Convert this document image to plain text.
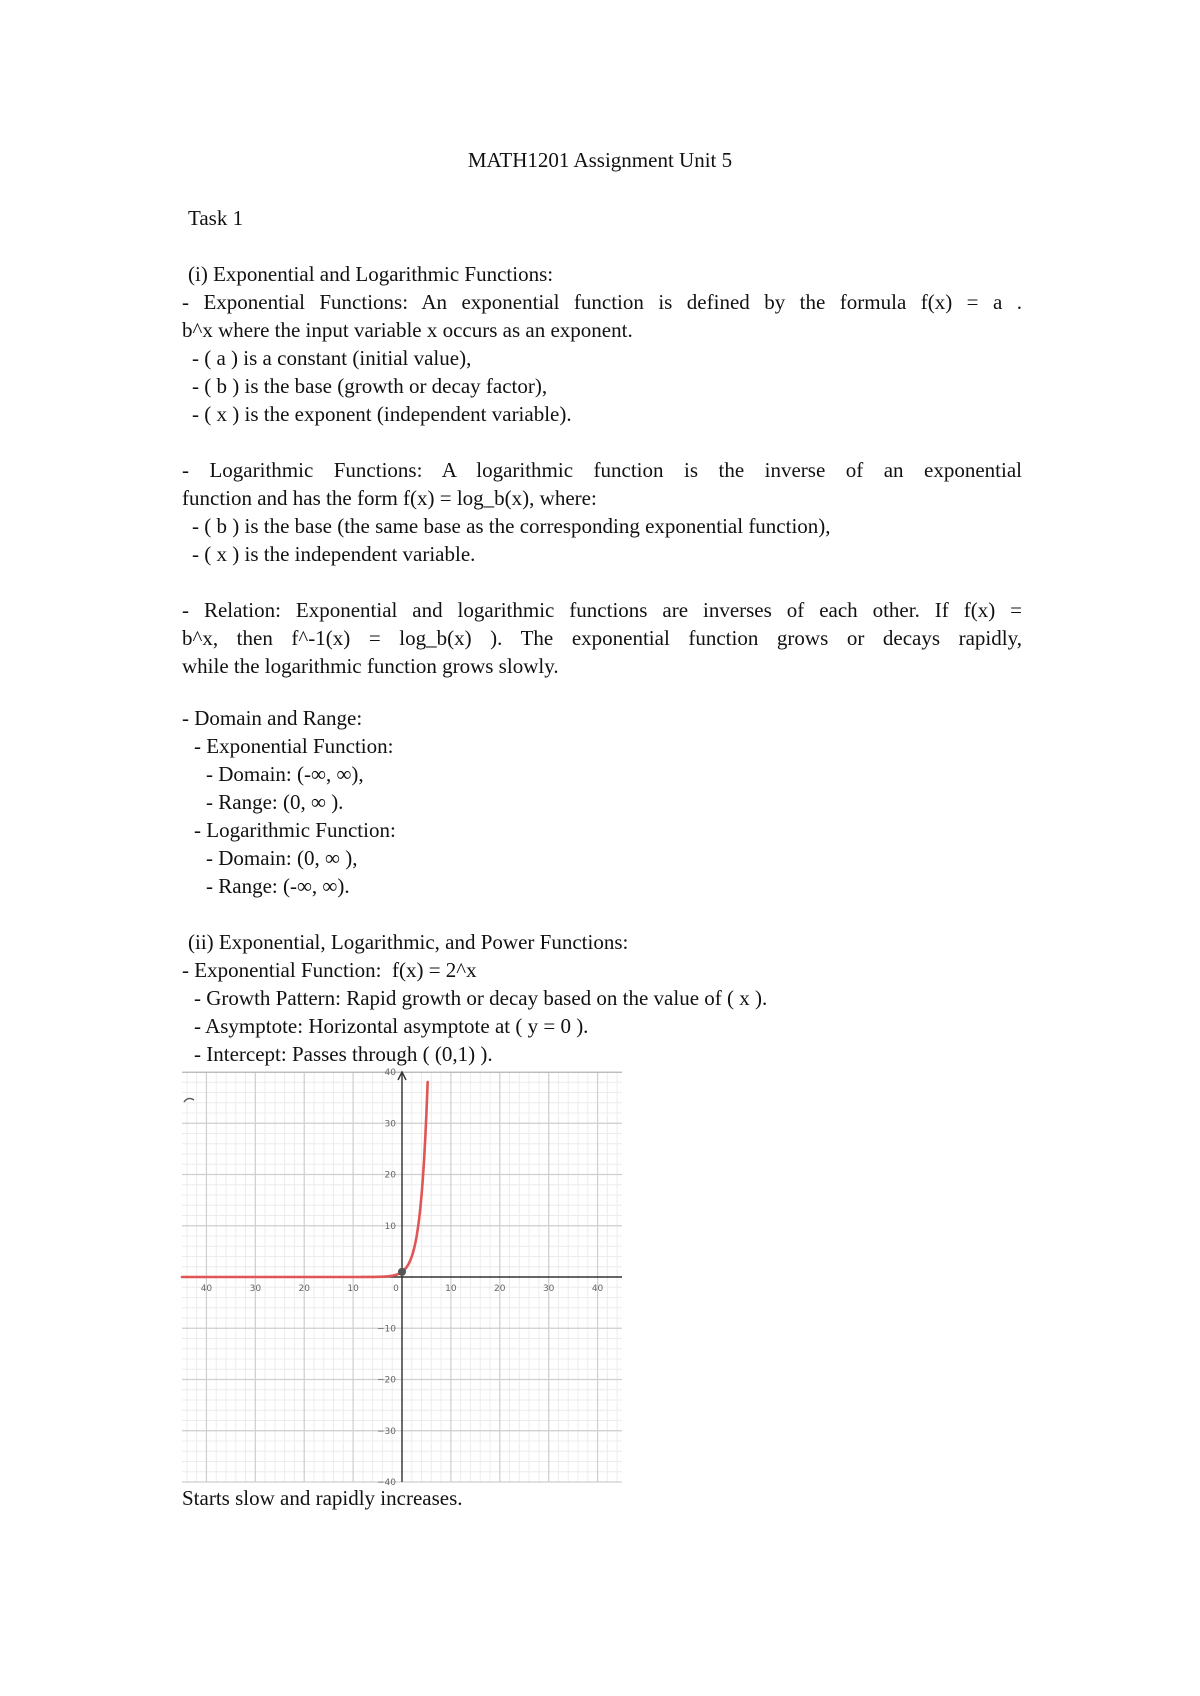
MATH1201 Assignment Unit 5
Task 1
(i) Exponential and Logarithmic Functions:
- Exponential Functions: An exponential function is defined by the formula f(x) = a .
b^x where the input variable x occurs as an exponent.
- ( a ) is a constant (initial value),
- ( b ) is the base (growth or decay factor),
- ( x ) is the exponent (independent variable).
- Logarithmic Functions: A logarithmic function is the inverse of an exponential
function and has the form f(x) = log_b(x), where:
- ( b ) is the base (the same base as the corresponding exponential function),
- ( x ) is the independent variable.
- Relation: Exponential and logarithmic functions are inverses of each other. If f(x) =
b^x, then f^-1(x) = log_b(x) ). The exponential function grows or decays rapidly,
while the logarithmic function grows slowly.
- Domain and Range:
- Exponential Function:
- Domain: (-∞, ∞),
- Range: (0, ∞ ).
- Logarithmic Function:
- Domain: (0, ∞ ),
- Range: (-∞, ∞).
(ii) Exponential, Logarithmic, and Power Functions:
- Exponential Function:  f(x) = 2^x
- Growth Pattern: Rapid growth or decay based on the value of ( x ).
- Asymptote: Horizontal asymptote at ( y = 0 ).
- Intercept: Passes through ( (0,1) ).
40	30	20	10	0	10	20	30	40
−40
−30
−20
−10
10
20
30
40
Starts slow and rapidly increases.
